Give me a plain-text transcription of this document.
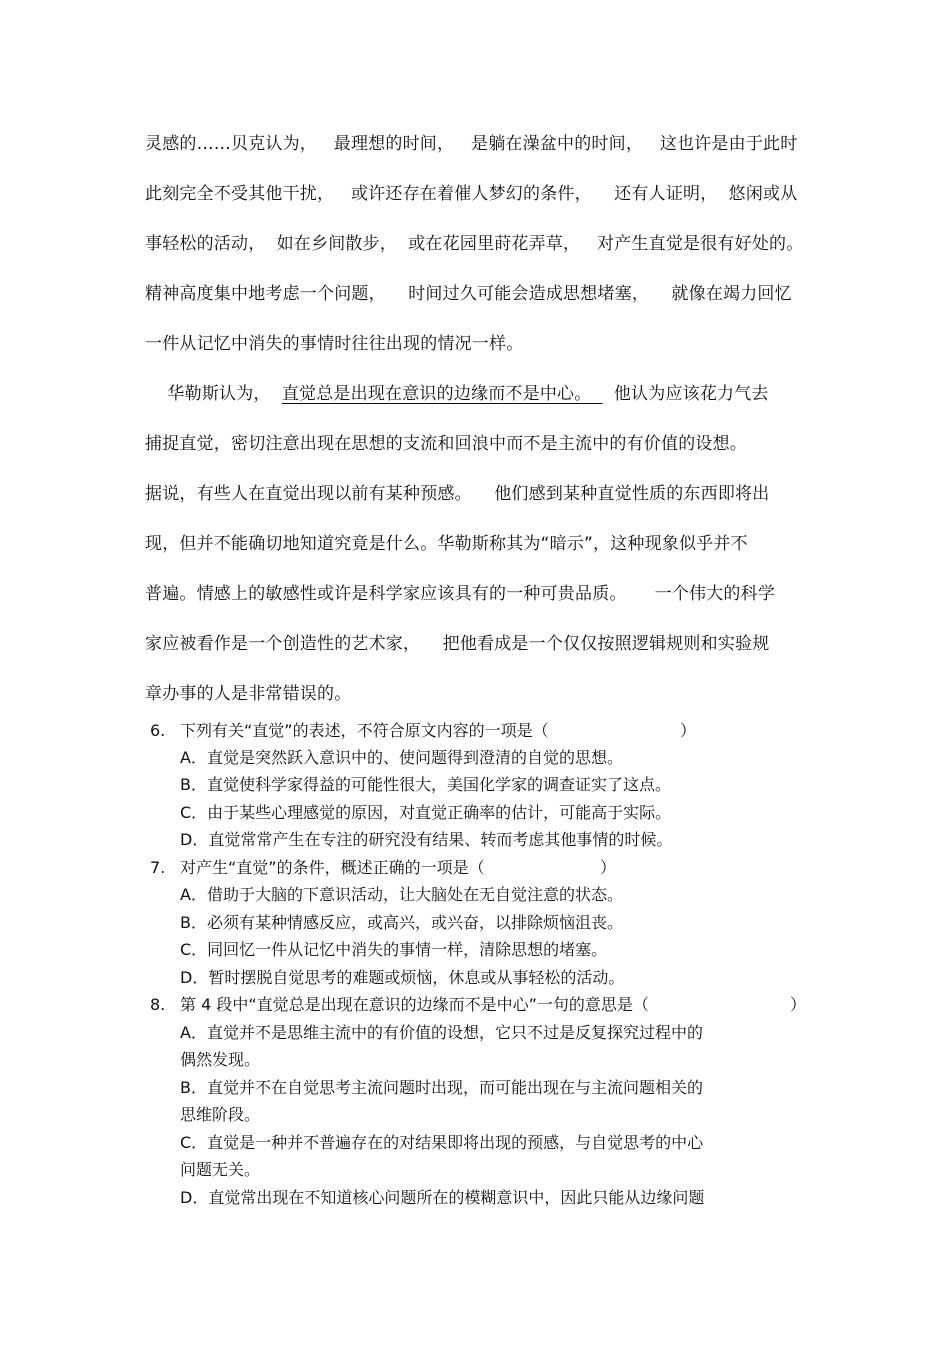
灵感的……贝克认为，   最理想的时间，   是躺在澡盆中的时间，   这也许是由于此时
此刻完全不受其他干扰，   或许还存在着催人梦幻的条件，    还有人证明，  悠闲或从
事轻松的活动，  如在乡间散步，  或在花园里莳花弄草，   对产生直觉是很有好处的。
精神高度集中地考虑一个问题，    时间过久可能会造成思想堵塞，    就像在竭力回忆
一件从记忆中消失的事情时往往出现的情况一样。
华勒斯认为，  直觉总是出现在意识的边缘而不是中心。    他认为应该花力气去
捕捉直觉，密切注意出现在思想的支流和回浪中而不是主流中的有价值的设想。
据说，有些人在直觉出现以前有某种预感。    他们感到某种直觉性质的东西即将出
现，但并不能确切地知道究竟是什么。华勒斯称其为“暗示”，这种现象似乎并不
普遍。情感上的敏感性或许是科学家应该具有的一种可贵品质。     一个伟大的科学
家应被看作是一个创造性的艺术家，    把他看成是一个仅仅按照逻辑规则和实验规
章办事的人是非常错误的。
6. 下列有关“直觉”的表述，不符合原文内容的一项是（	）
A．直觉是突然跃入意识中的、使问题得到澄清的自觉的思想。
B．直觉使科学家得益的可能性很大，美国化学家的调查证实了这点。
C．由于某些心理感觉的原因，对直觉正确率的估计，可能高于实际。
D．直觉常常产生在专注的研究没有结果、转而考虑其他事情的时候。
7. 对产生“直觉”的条件，概述正确的一项是（	）
A．借助于大脑的下意识活动，让大脑处在无自觉注意的状态。
B．必须有某种情感反应，或高兴，或兴奋，以排除烦恼沮丧。
C．同回忆一件从记忆中消失的事情一样，清除思想的堵塞。
D．暂时摆脱自觉思考的难题或烦恼，休息或从事轻松的活动。
8. 第 4 段中“直觉总是出现在意识的边缘而不是中心”一句的意思是（	）
A．直觉并不是思维主流中的有价值的设想，它只不过是反复探究过程中的
偶然发现。
B．直觉并不在自觉思考主流问题时出现，而可能出现在与主流问题相关的
思维阶段。
C．直觉是一种并不普遍存在的对结果即将出现的预感，与自觉思考的中心
问题无关。
D．直觉常出现在不知道核心问题所在的模糊意识中，因此只能从边缘问题
